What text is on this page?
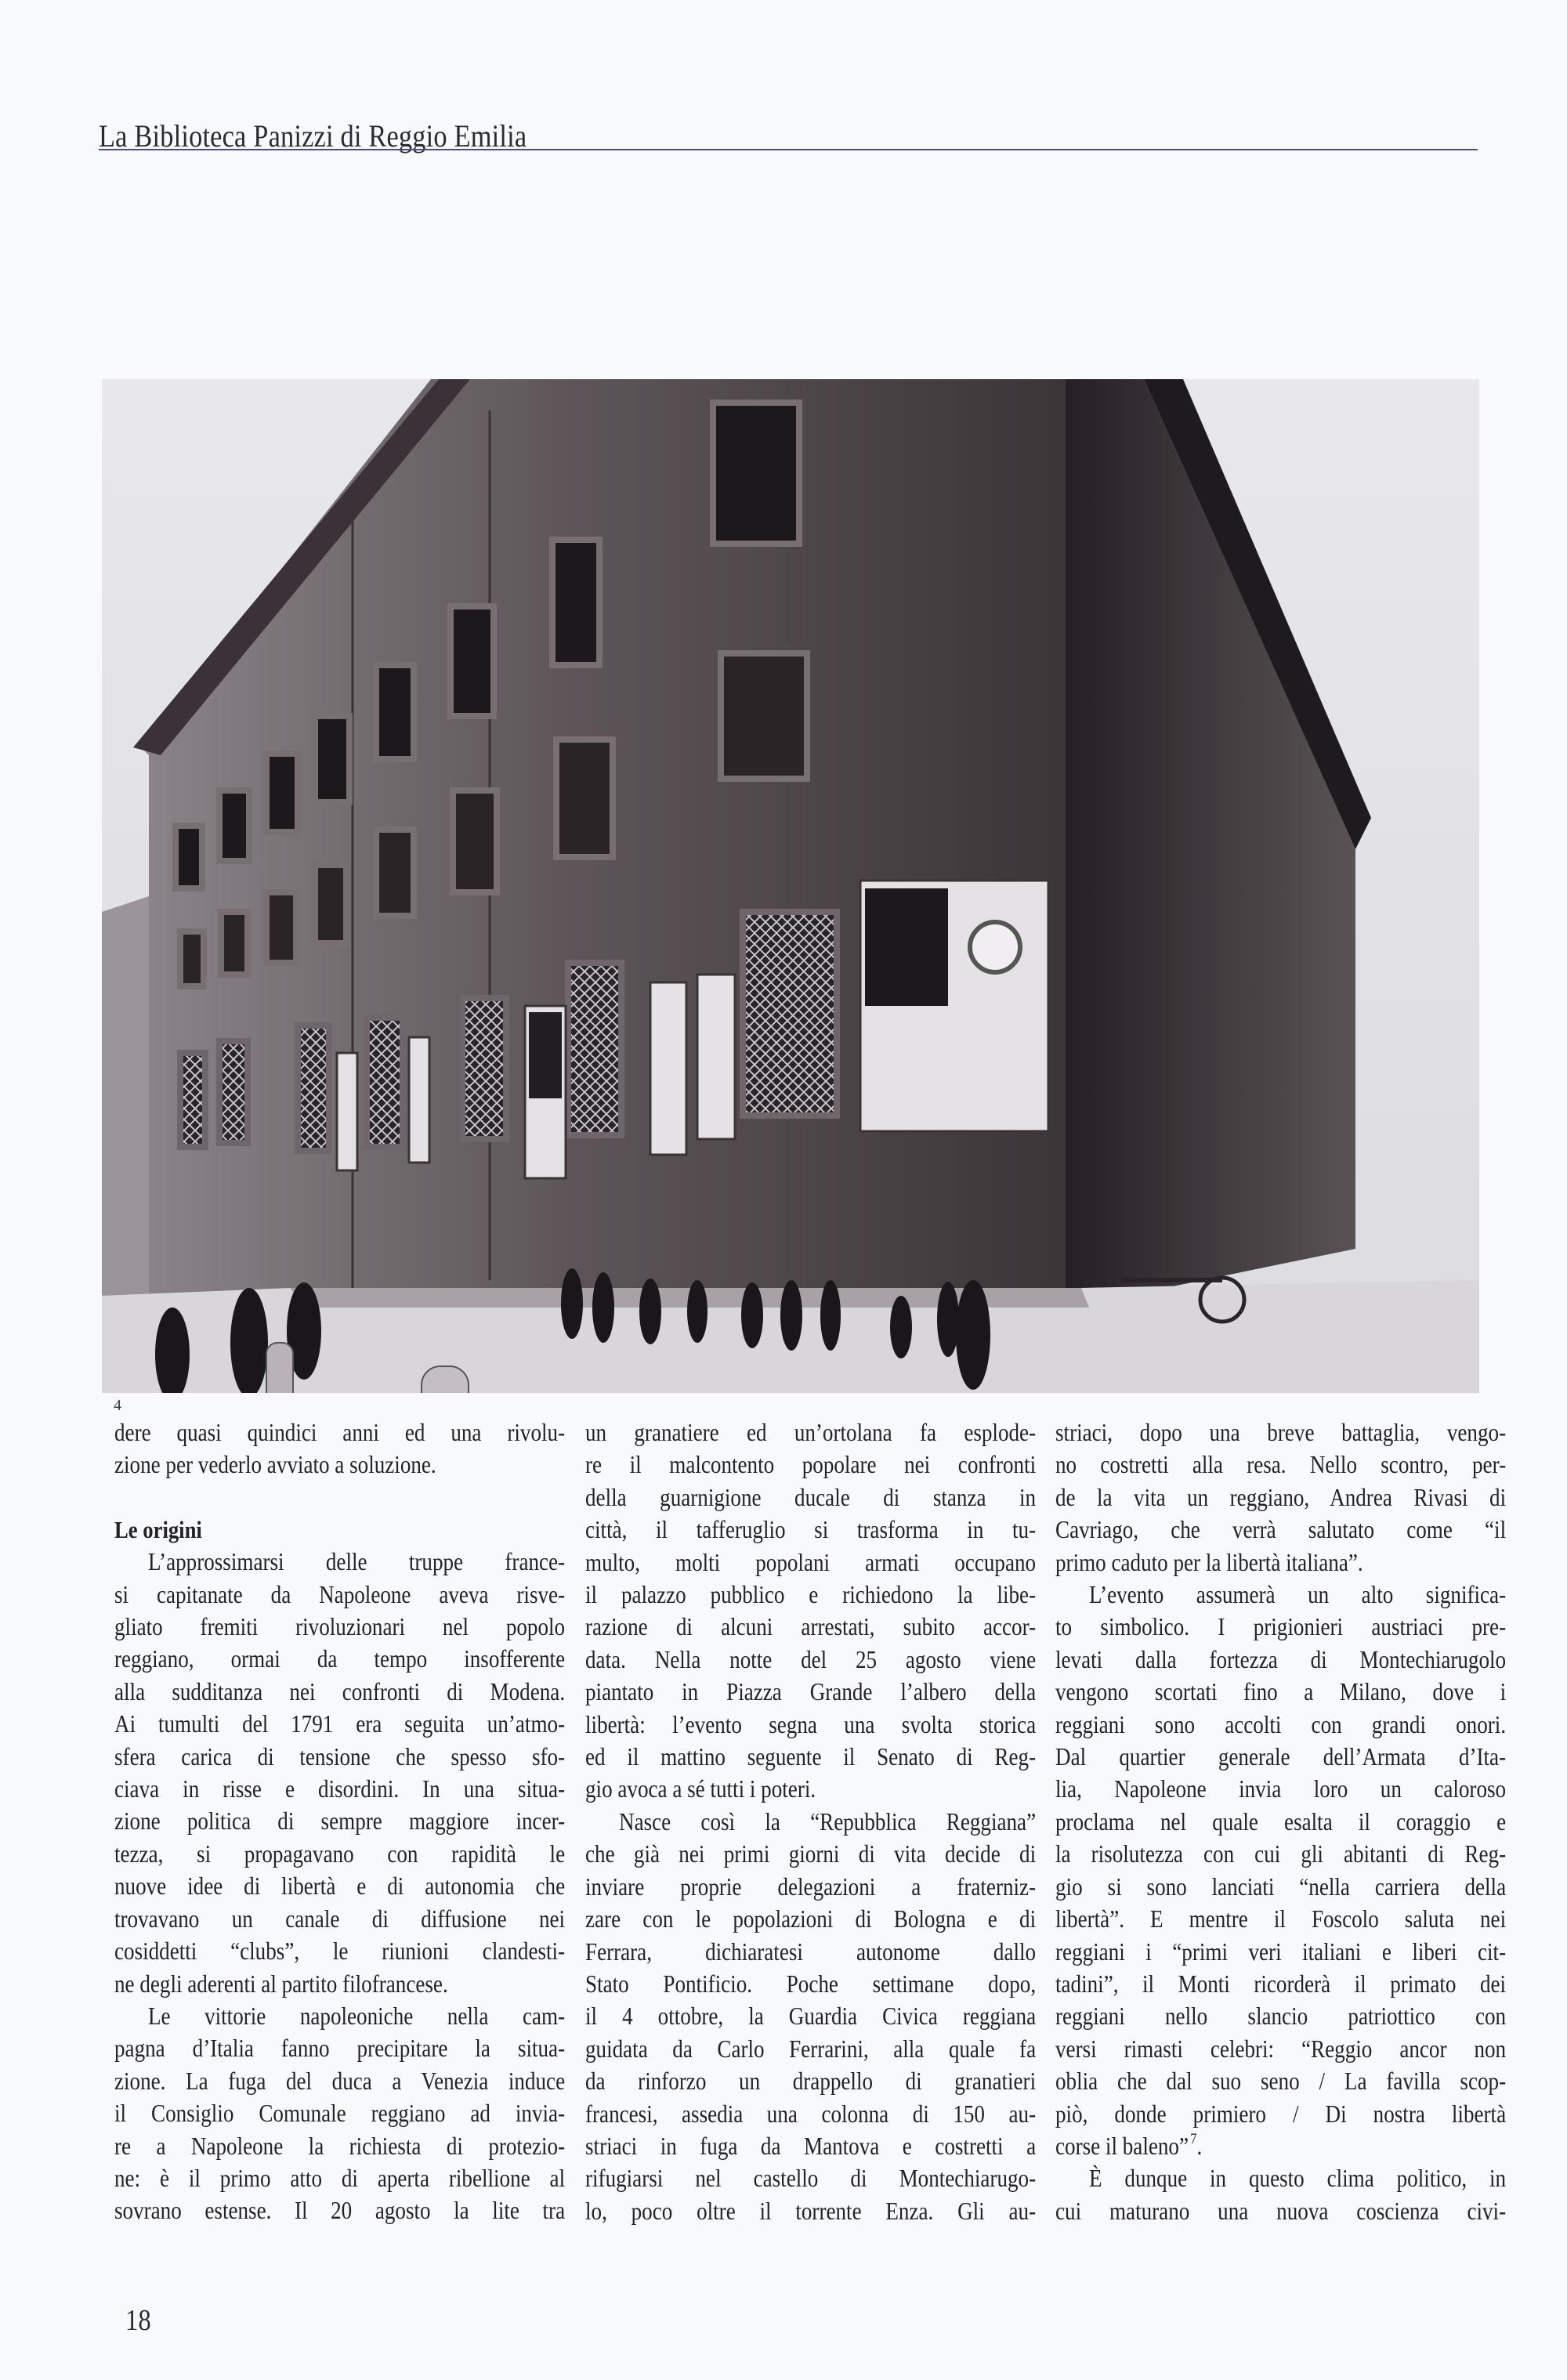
La Biblioteca Panizzi di Reggio Emilia
4
dere quasi quindici anni ed una rivolu-
zione per vederlo avviato a soluzione.
Le origini
L’approssimarsi delle truppe france-
si capitanate da Napoleone aveva risve-
gliato fremiti rivoluzionari nel popolo
reggiano, ormai da tempo insofferente
alla sudditanza nei confronti di Modena.
Ai tumulti del 1791 era seguita un’atmo-
sfera carica di tensione che spesso sfo-
ciava in risse e disordini. In una situa-
zione politica di sempre maggiore incer-
tezza, si propagavano con rapidità le
nuove idee di libertà e di autonomia che
trovavano un canale di diffusione nei
cosiddetti “clubs”, le riunioni clandesti-
ne degli aderenti al partito filofrancese.
Le vittorie napoleoniche nella cam-
pagna d’Italia fanno precipitare la situa-
zione. La fuga del duca a Venezia induce
il Consiglio Comunale reggiano ad invia-
re a Napoleone la richiesta di protezio-
ne: è il primo atto di aperta ribellione al
sovrano estense. Il 20 agosto la lite tra
un granatiere ed un’ortolana fa esplode-
re il malcontento popolare nei confronti
della guarnigione ducale di stanza in
città, il tafferuglio si trasforma in tu-
multo, molti popolani armati occupano
il palazzo pubblico e richiedono la libe-
razione di alcuni arrestati, subito accor-
data. Nella notte del 25 agosto viene
piantato in Piazza Grande l’albero della
libertà: l’evento segna una svolta storica
ed il mattino seguente il Senato di Reg-
gio avoca a sé tutti i poteri.
Nasce così la “Repubblica Reggiana”
che già nei primi giorni di vita decide di
inviare proprie delegazioni a fraterniz-
zare con le popolazioni di Bologna e di
Ferrara, dichiaratesi autonome dallo
Stato Pontificio. Poche settimane dopo,
il 4 ottobre, la Guardia Civica reggiana
guidata da Carlo Ferrarini, alla quale fa
da rinforzo un drappello di granatieri
francesi, assedia una colonna di 150 au-
striaci in fuga da Mantova e costretti a
rifugiarsi nel castello di Montechiarugo-
lo, poco oltre il torrente Enza. Gli au-
striaci, dopo una breve battaglia, vengo-
no costretti alla resa. Nello scontro, per-
de la vita un reggiano, Andrea Rivasi di
Cavriago, che verrà salutato come “il
primo caduto per la libertà italiana”.
L’evento assumerà un alto significa-
to simbolico. I prigionieri austriaci pre-
levati dalla fortezza di Montechiarugolo
vengono scortati fino a Milano, dove i
reggiani sono accolti con grandi onori.
Dal quartier generale dell’Armata d’Ita-
lia, Napoleone invia loro un caloroso
proclama nel quale esalta il coraggio e
la risolutezza con cui gli abitanti di Reg-
gio si sono lanciati “nella carriera della
libertà”. E mentre il Foscolo saluta nei
reggiani i “primi veri italiani e liberi cit-
tadini”, il Monti ricorderà il primato dei
reggiani nello slancio patriottico con
versi rimasti celebri: “Reggio ancor non
oblia che dal suo seno / La favilla scop-
piò, donde primiero / Di nostra libertà
corse il baleno”  $^7$.
È dunque in questo clima politico, in
cui maturano una nuova coscienza civi-
18
